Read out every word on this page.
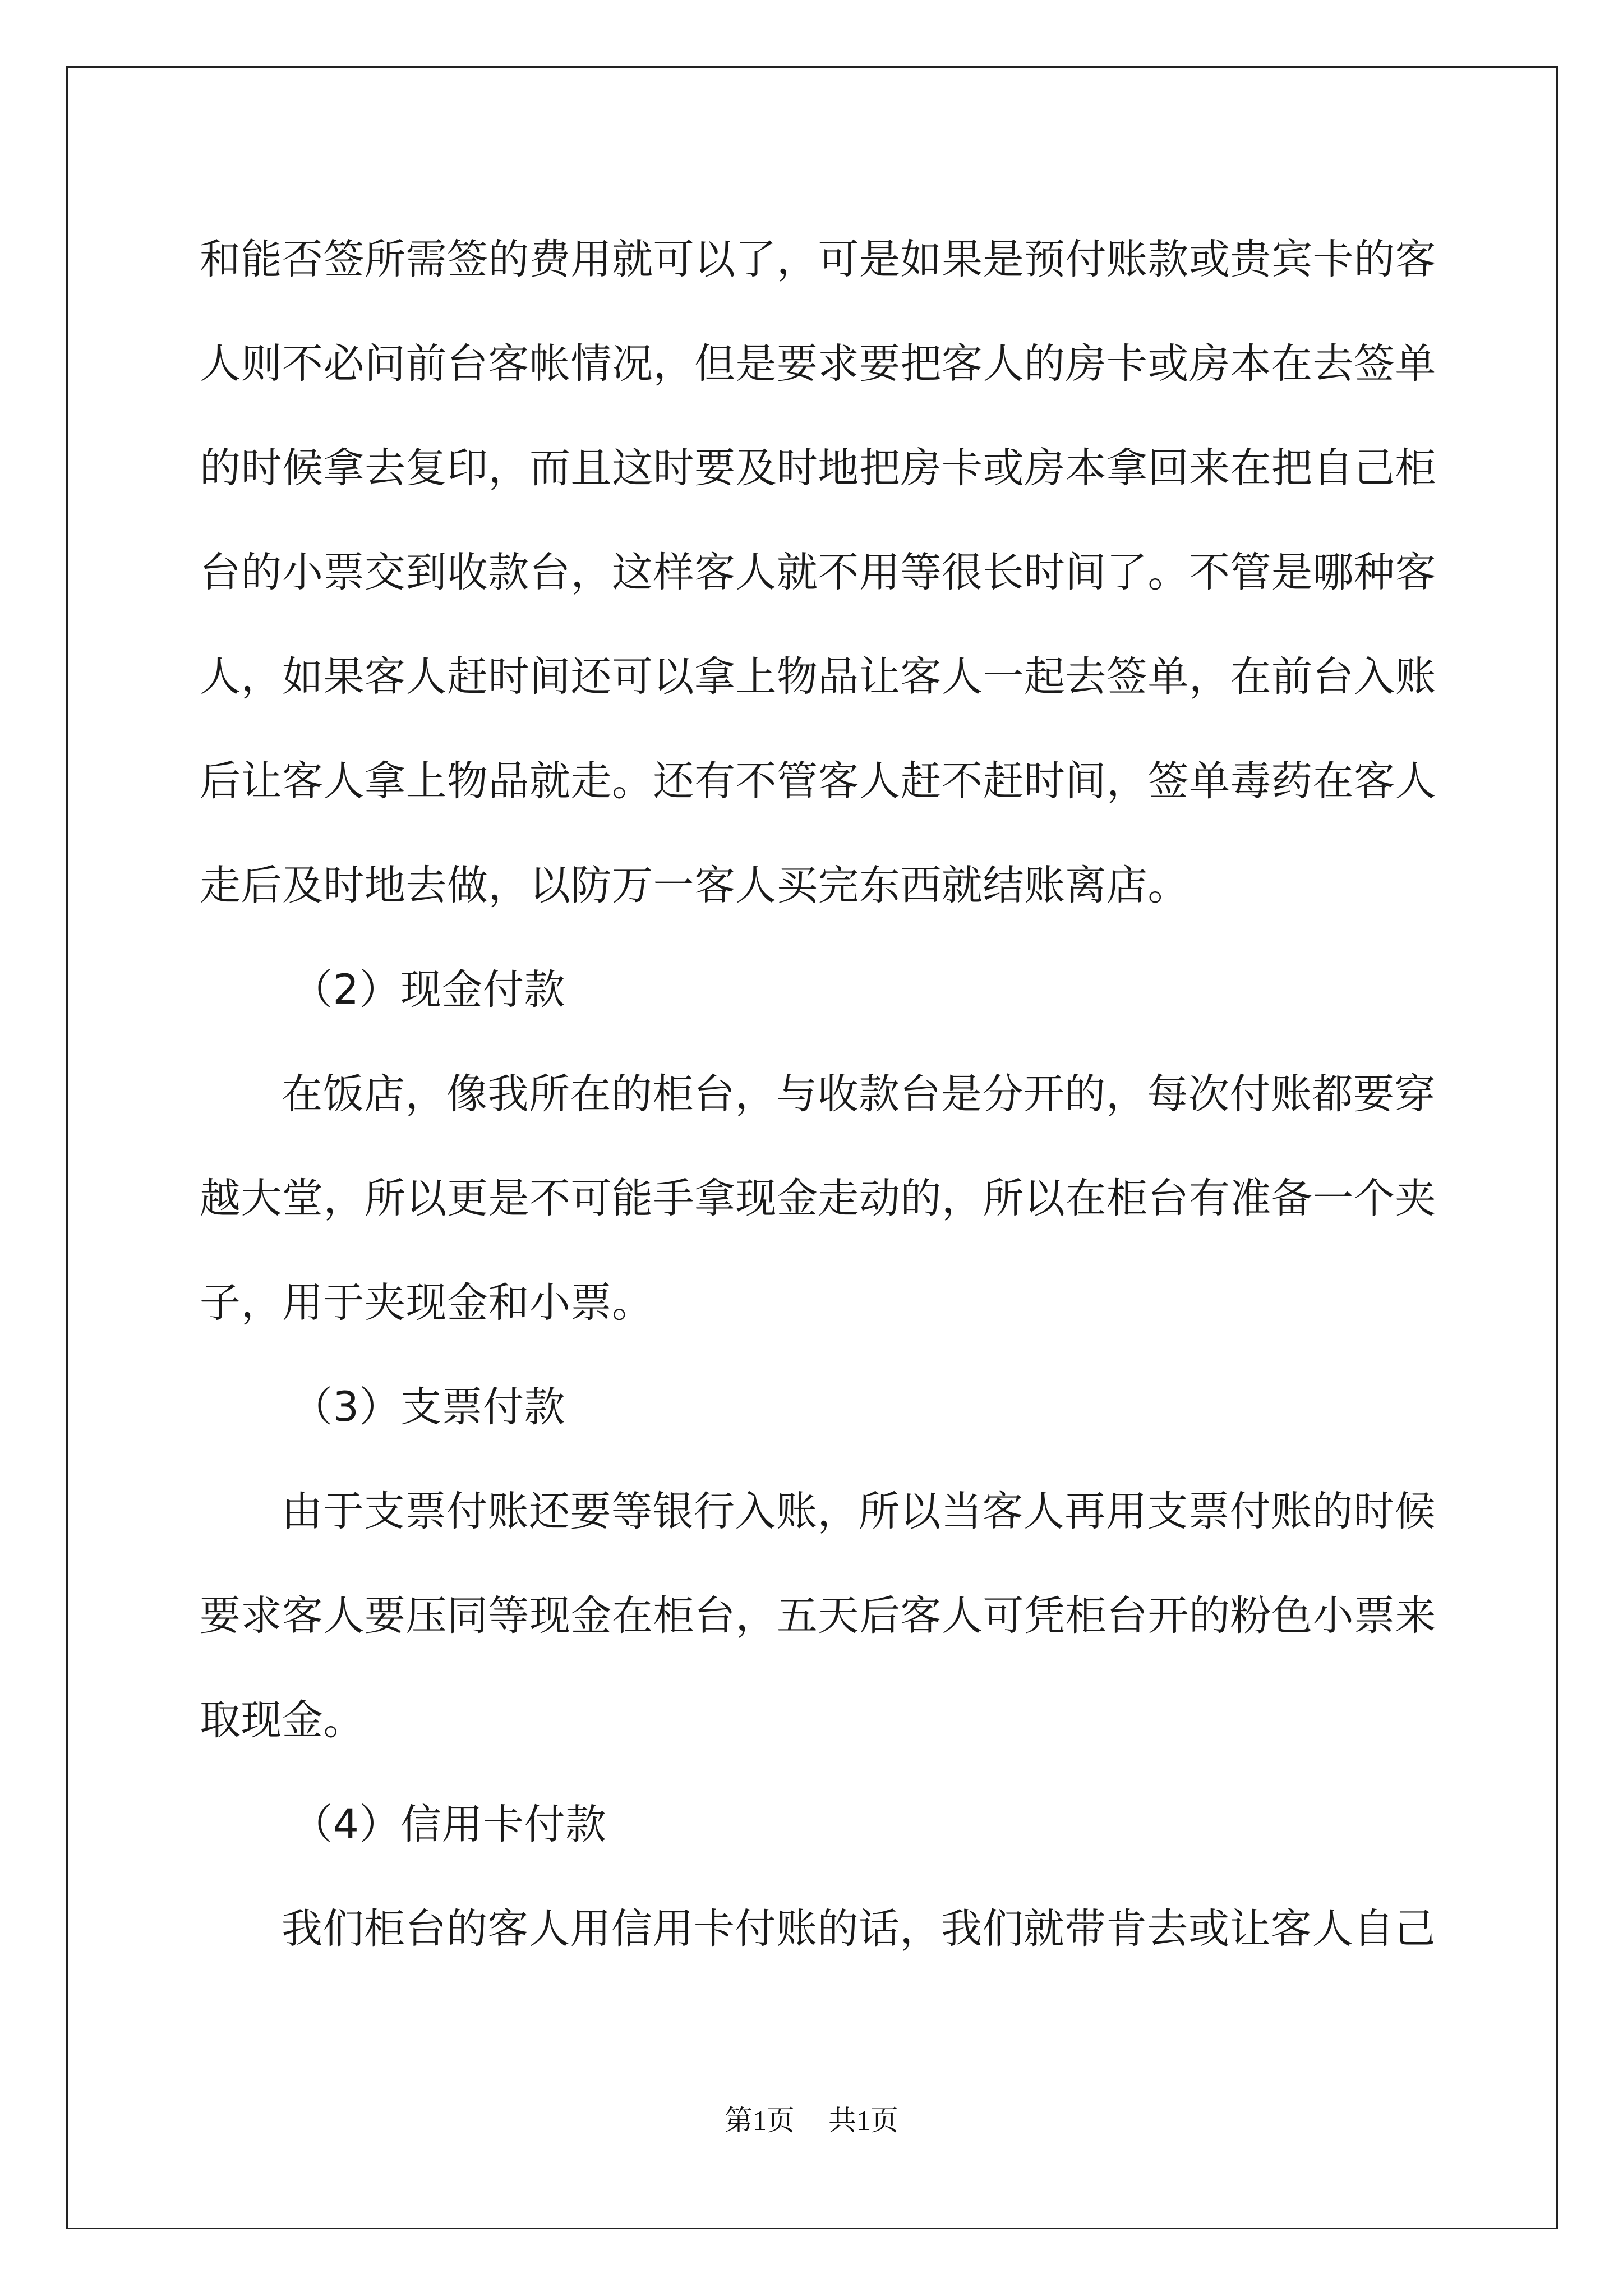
和能否签所需签的费用就可以了，可是如果是预付账款或贵宾卡的客

人则不必问前台客帐情况，但是要求要把客人的房卡或房本在去签单

的时候拿去复印，而且这时要及时地把房卡或房本拿回来在把自己柜

台的小票交到收款台，这样客人就不用等很长时间了。不管是哪种客

人，如果客人赶时间还可以拿上物品让客人一起去签单，在前台入账

后让客人拿上物品就走。还有不管客人赶不赶时间，签单毒药在客人

走后及时地去做，以防万一客人买完东西就结账离店。

（2）现金付款

在饭店，像我所在的柜台，与收款台是分开的，每次付账都要穿

越大堂，所以更是不可能手拿现金走动的，所以在柜台有准备一个夹

子，用于夹现金和小票。

（3）支票付款

由于支票付账还要等银行入账，所以当客人再用支票付账的时候

要求客人要压同等现金在柜台，五天后客人可凭柜台开的粉色小票来

取现金。

（4）信用卡付款

我们柜台的客人用信用卡付账的话，我们就带肯去或让客人自己

第1页 共1页
